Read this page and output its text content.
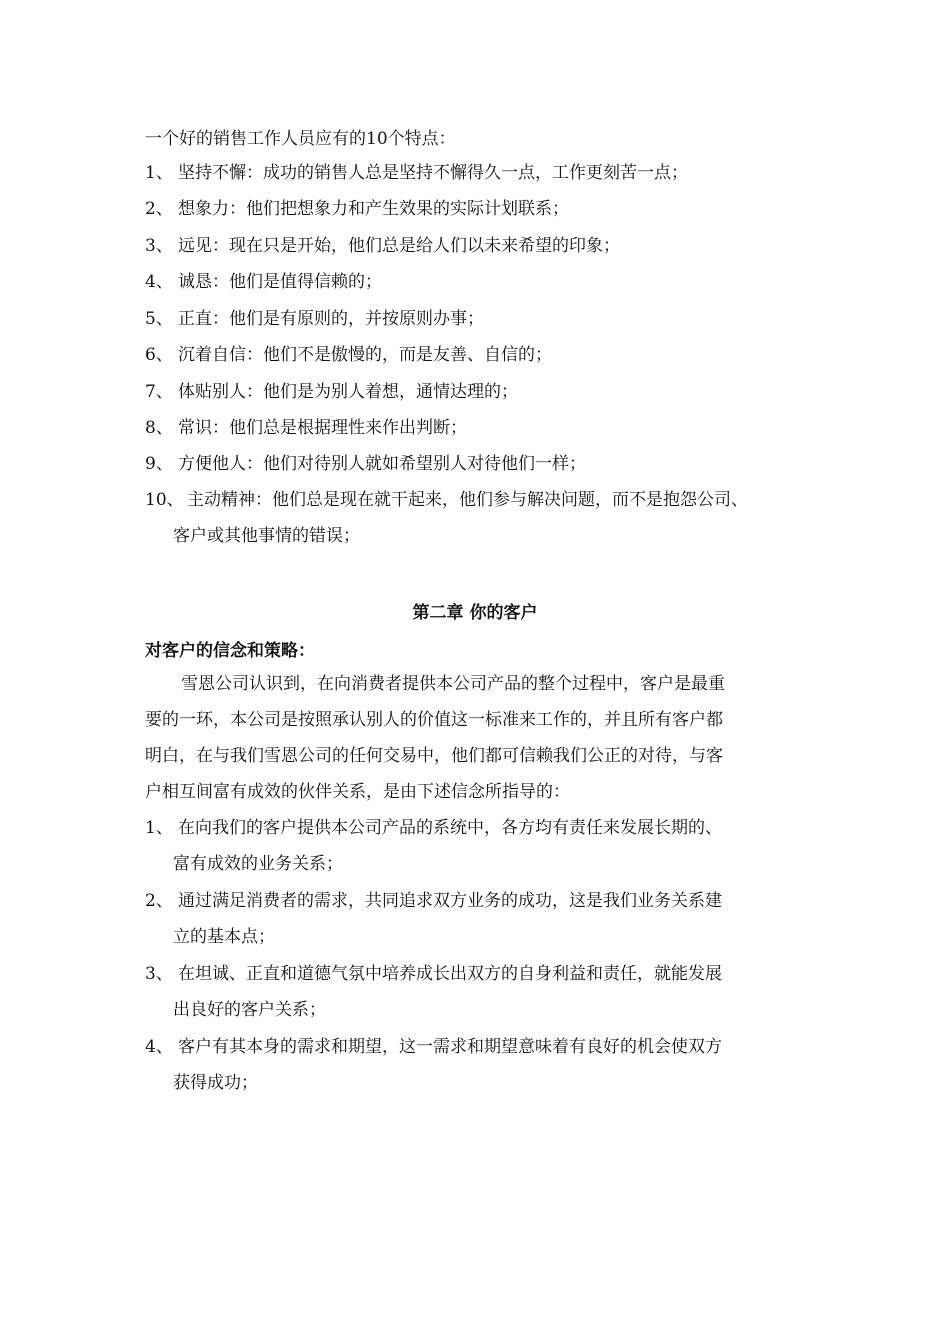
一个好的销售工作人员应有的10个特点：
1、 坚持不懈：成功的销售人总是坚持不懈得久一点，工作更刻苦一点；
2、 想象力：他们把想象力和产生效果的实际计划联系；
3、 远见：现在只是开始，他们总是给人们以未来希望的印象；
4、 诚恳：他们是值得信赖的；
5、 正直：他们是有原则的，并按原则办事；
6、 沉着自信：他们不是傲慢的，而是友善、自信的；
7、 体贴别人：他们是为别人着想，通情达理的；
8、 常识：他们总是根据理性来作出判断；
9、 方便他人：他们对待别人就如希望别人对待他们一样；
10、 主动精神：他们总是现在就干起来，他们参与解决问题，而不是抱怨公司、
客户或其他事情的错误；
第二章 你的客户
对客户的信念和策略：
雪恩公司认识到，在向消费者提供本公司产品的整个过程中，客户是最重
要的一环，本公司是按照承认别人的价值这一标准来工作的，并且所有客户都
明白，在与我们雪恩公司的任何交易中，他们都可信赖我们公正的对待，与客
户相互间富有成效的伙伴关系，是由下述信念所指导的：
1、 在向我们的客户提供本公司产品的系统中，各方均有责任来发展长期的、
富有成效的业务关系；
2、 通过满足消费者的需求，共同追求双方业务的成功，这是我们业务关系建
立的基本点；
3、 在坦诚、正直和道德气氛中培养成长出双方的自身利益和责任，就能发展
出良好的客户关系；
4、 客户有其本身的需求和期望，这一需求和期望意味着有良好的机会使双方
获得成功；
